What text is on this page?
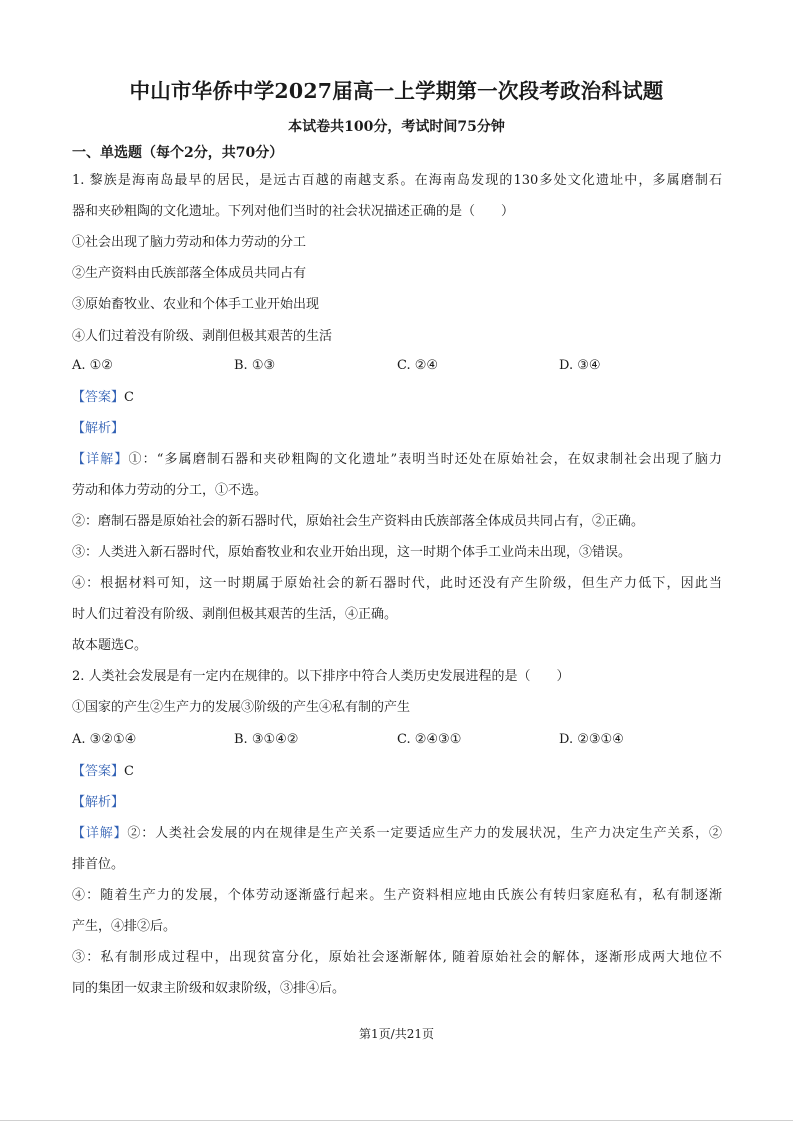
中山市华侨中学2027届高一上学期第一次段考政治科试题
本试卷共100分，考试时间75分钟
一、单选题（每个2分，共70分）
1. 黎族是海南岛最早的居民，是远古百越的南越支系。在海南岛发现的130多处文化遗址中，多属磨制石
器和夹砂粗陶的文化遗址。下列对他们当时的社会状况描述正确的是（　　）
①社会出现了脑力劳动和体力劳动的分工
②生产资料由氏族部落全体成员共同占有
③原始畜牧业、农业和个体手工业开始出现
④人们过着没有阶级、剥削但极其艰苦的生活
A. ①②	B. ①③	C. ②④	D. ③④
【答案】C
【解析】
【详解】①：“多属磨制石器和夹砂粗陶的文化遗址”表明当时还处在原始社会，在奴隶制社会出现了脑力
劳动和体力劳动的分工，①不选。
②：磨制石器是原始社会的新石器时代，原始社会生产资料由氏族部落全体成员共同占有，②正确。
③：人类进入新石器时代，原始畜牧业和农业开始出现，这一时期个体手工业尚未出现，③错误。
④：根据材料可知，这一时期属于原始社会的新石器时代，此时还没有产生阶级，但生产力低下，因此当
时人们过着没有阶级、剥削但极其艰苦的生活，④正确。
故本题选C。
2. 人类社会发展是有一定内在规律的。以下排序中符合人类历史发展进程的是（　　）
①国家的产生②生产力的发展③阶级的产生④私有制的产生
A. ③②①④	B. ③①④②	C. ②④③①	D. ②③①④
【答案】C
【解析】
【详解】②：人类社会发展的内在规律是生产关系一定要适应生产力的发展状况，生产力决定生产关系，②
排首位。
④：随着生产力的发展，个体劳动逐渐盛行起来。生产资料相应地由氏族公有转归家庭私有，私有制逐渐
产生，④排②后。
③：私有制形成过程中，出现贫富分化，原始社会逐渐解体, 随着原始社会的解体，逐渐形成两大地位不
同的集团一奴隶主阶级和奴隶阶级，③排④后。
第1页/共21页
